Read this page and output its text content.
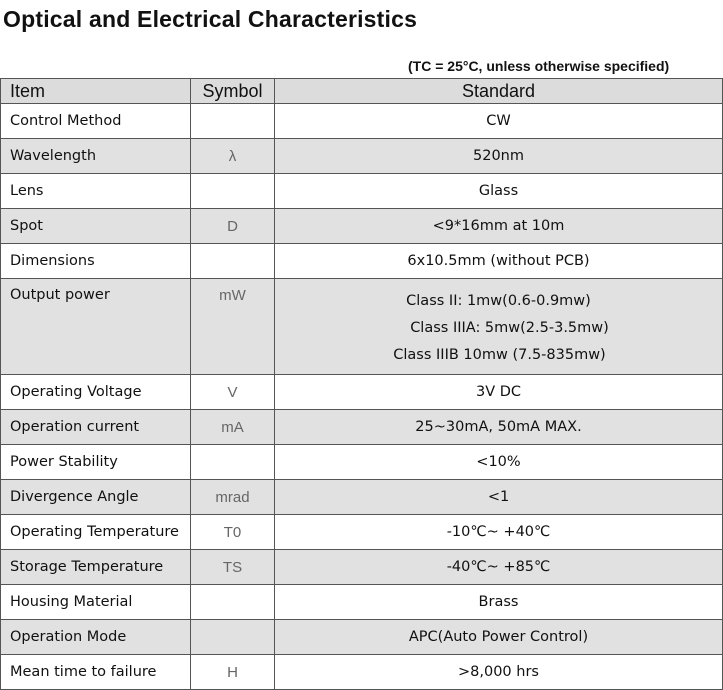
Optical and Electrical Characteristics
(TC = 25°C, unless otherwise specified)
Item	Symbol	Standard
Control Method		CW
Wavelength	λ	520nm
Lens		Glass
Spot	D	<9*16mm at 10m
Dimensions		6x10.5mm (without PCB)
Output power	mW	Class II: 1mw(0.6-0.9mw)
Class IIIA: 5mw(2.5-3.5mw)
Class IIIB 10mw (7.5-835mw)

Operating Voltage	V	3V DC
Operation current	mA	25~30mA, 50mA MAX.
Power Stability		<10%
Divergence Angle	mrad	<1
Operating Temperature	T0	-10℃~ +40℃
Storage Temperature	TS	-40℃~ +85℃
Housing Material		Brass
Operation Mode		APC(Auto Power Control)
Mean time to failure	H	>8,000 hrs
